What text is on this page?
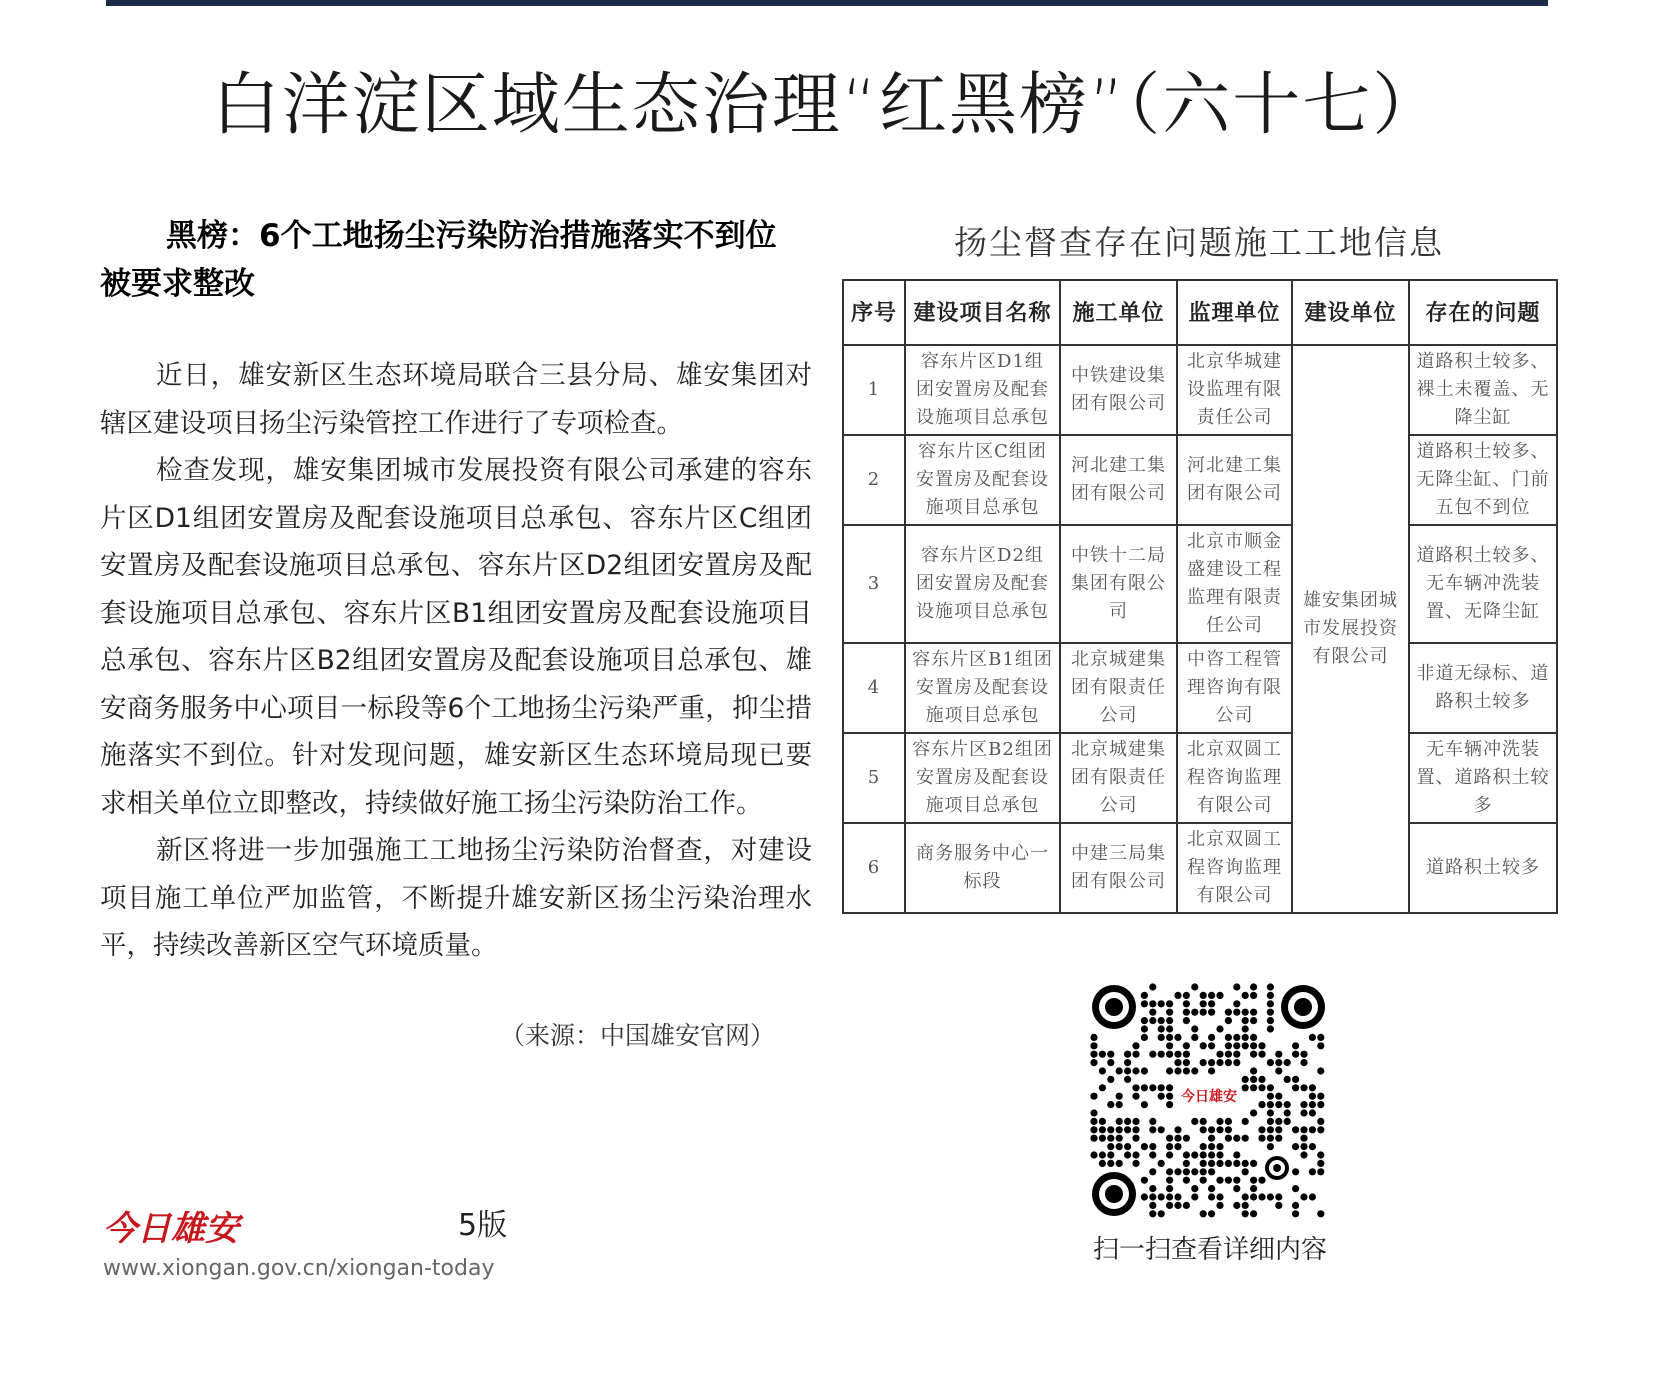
白洋淀区域生态治理“红黑榜”（六十七）
黑榜：6个工地扬尘污染防治措施落实不到位
被要求整改

近日，雄安新区生态环境局联合三县分局、雄安集团对辖区建设项目扬尘污染管控工作进行了专项检查。

检查发现，雄安集团城市发展投资有限公司承建的容东片区D1组团安置房及配套设施项目总承包、容东片区C组团安置房及配套设施项目总承包、容东片区D2组团安置房及配套设施项目总承包、容东片区B1组团安置房及配套设施项目总承包、容东片区B2组团安置房及配套设施项目总承包、雄安商务服务中心项目一标段等6个工地扬尘污染严重，抑尘措施落实不到位。针对发现问题，雄安新区生态环境局现已要求相关单位立即整改，持续做好施工扬尘污染防治工作。

新区将进一步加强施工工地扬尘污染防治督查，对建设项目施工单位严加监管，不断提升雄安新区扬尘污染治理水平，持续改善新区空气环境质量。

（来源：中国雄安官网）
扬尘督查存在问题施工工地信息
序号	建设项目名称	施工单位	监理单位	建设单位	存在的问题
1	容东片区D1组团安置房及配套设施项目总承包	中铁建设集团有限公司	北京华城建设监理有限责任公司	雄安集团城市发展投资有限公司	道路积土较多、裸土未覆盖、无降尘缸
2	容东片区C组团安置房及配套设施项目总承包	河北建工集团有限公司	河北建工集团有限公司		道路积土较多、无降尘缸、门前五包不到位
3	容东片区D2组团安置房及配套设施项目总承包	中铁十二局集团有限公司	北京市顺金盛建设工程监理有限责任公司		道路积土较多、无车辆冲洗装置、无降尘缸
4	容东片区B1组团安置房及配套设施项目总承包	北京城建集团有限责任公司	中咨工程管理咨询有限公司		非道无绿标、道路积土较多
5	容东片区B2组团安置房及配套设施项目总承包	北京城建集团有限责任公司	北京双圆工程咨询监理有限公司		无车辆冲洗装置、道路积土较多
6	商务服务中心一标段	中建三局集团有限公司	北京双圆工程咨询监理有限公司		道路积土较多
今日雄安
扫一扫查看详细内容
今日雄安	5版
www.xiongan.gov.cn/xiongan-today
